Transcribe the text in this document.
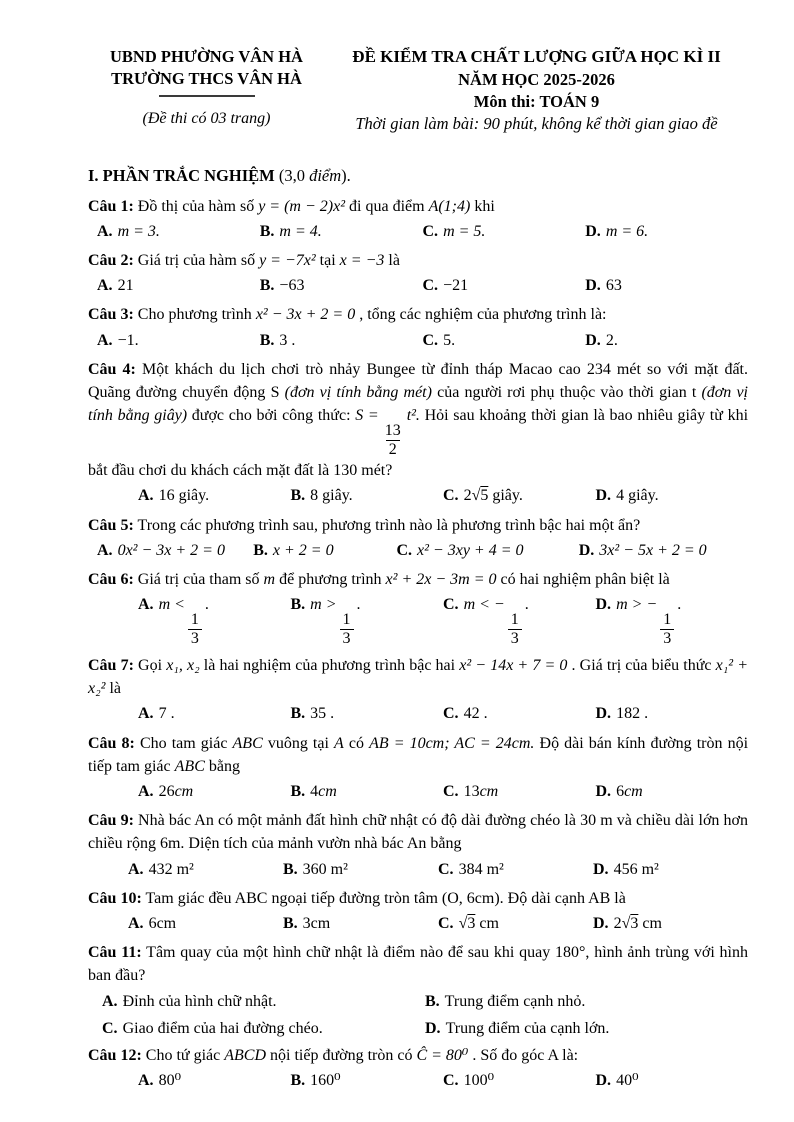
UBND PHƯỜNG VÂN HÀ
TRƯỜNG THCS VÂN HÀ
(Đề thi có 03 trang)
ĐỀ KIỂM TRA CHẤT LƯỢNG GIỮA HỌC KÌ II
NĂM HỌC 2025-2026
Môn thi: TOÁN 9
Thời gian làm bài: 90 phút, không kể thời gian giao đề

I. PHẦN TRẮC NGHIỆM (3,0 điểm).

Câu 1: Đồ thị của hàm số y = (m − 2)x² đi qua điểm A(1;4) khi

A. m = 3.	B. m = 4.	C. m = 5.	D. m = 6.

Câu 2: Giá trị của hàm số y = −7x² tại x = −3 là

A. 21	B. −63	C. −21	D. 63

Câu 3: Cho phương trình x² − 3x + 2 = 0 , tổng các nghiệm của phương trình là:

A. −1.	B. 3 .	C. 5.	D. 2.

Câu 4: Một khách du lịch chơi trò nhảy Bungee từ đỉnh tháp Macao cao 234 mét so với mặt đất. Quãng đường chuyển động S (đơn vị tính bằng mét) của người rơi phụ thuộc vào thời gian t (đơn vị tính bằng giây) được cho bởi công thức: S =
$\frac{13}{2}$
t². Hỏi sau khoảng thời gian là bao nhiêu giây từ khi bắt đầu chơi du khách cách mặt đất là 130 mét?

A. 16 giây.	B. 8 giây.	C. 2√5 giây.	D. 4 giây.

Câu 5: Trong các phương trình sau, phương trình nào là phương trình bậc hai một ẩn?

A. 0x² − 3x + 2 = 0	B. x + 2 = 0	C. x² − 3xy + 4 = 0	D. 3x² − 5x + 2 = 0

Câu 6: Giá trị của tham số m để phương trình x² + 2x − 3m = 0 có hai nghiệm phân biệt là

A. m <
$\frac{1}{3}$
.	B. m >
$\frac{1}{3}$
.	C. m < −
$\frac{1}{3}$
.	D. m > −
$\frac{1}{3}$
.

Câu 7: Gọi x₁, x₂ là hai nghiệm của phương trình bậc hai x² − 14x + 7 = 0 . Giá trị của biểu thức x₁² + x₂² là

A. 7 .	B. 35 .	C. 42 .	D. 182 .

Câu 8: Cho tam giác ABC vuông tại A có AB = 10cm; AC = 24cm. Độ dài bán kính đường tròn nội tiếp tam giác ABC bằng

A. 26cm	B. 4cm	C. 13cm	D. 6cm

Câu 9: Nhà bác An có một mảnh đất hình chữ nhật có độ dài đường chéo là 30 m và chiều dài lớn hơn chiều rộng 6m. Diện tích của mảnh vườn nhà bác An bằng

A. 432 m²	B. 360 m²	C. 384 m²	D. 456 m²

Câu 10: Tam giác đều ABC ngoại tiếp đường tròn tâm (O, 6cm). Độ dài cạnh AB là

A. 6cm	B. 3cm	C. √3 cm	D. 2√3 cm

Câu 11: Tâm quay của một hình chữ nhật là điểm nào để sau khi quay 180°, hình ảnh trùng với hình ban đầu?

A. Đỉnh của hình chữ nhật.	B. Trung điểm cạnh nhỏ.
C. Giao điểm của hai đường chéo.	D. Trung điểm của cạnh lớn.

Câu 12: Cho tứ giác ABCD nội tiếp đường tròn có Ĉ = 80⁰ . Số đo góc A là:

A. 80⁰	B. 160⁰	C. 100⁰	D. 40⁰
